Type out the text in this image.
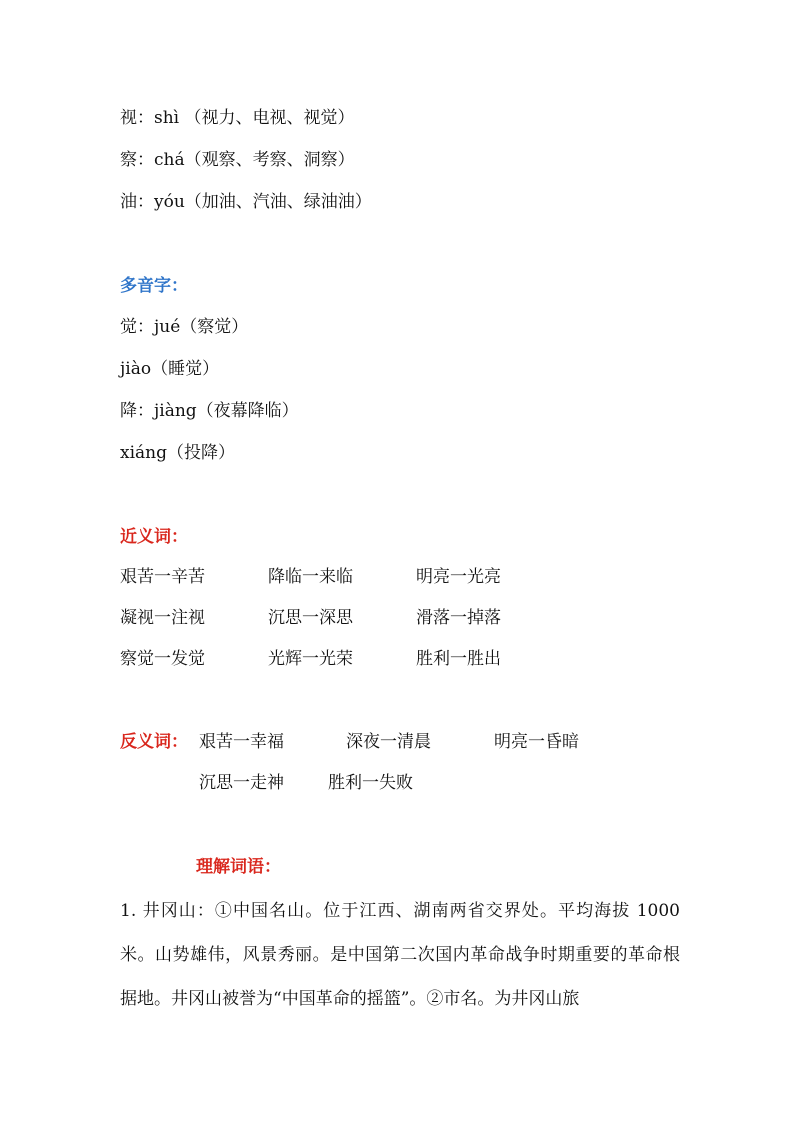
视：shì （视力、电视、视觉）
察：chá（观察、考察、洞察）
油：yóu（加油、汽油、绿油油）
多音字：
觉：jué（察觉）
jiào（睡觉）
降：jiàng（夜幕降临）
xiáng（投降）
近义词：
艰苦一辛苦	降临一来临	明亮一光亮
凝视一注视	沉思一深思	滑落一掉落
察觉一发觉	光辉一光荣	胜利一胜出
反义词： 艰苦一幸福	深夜一清晨	明亮一昏暗
沉思一走神	胜利一失败
理解词语：
1. 井冈山：①中国名山。位于江西、湖南两省交界处。平均海拔 1000 米。山势雄伟，风景秀丽。是中国第二次国内革命战争时期重要的革命根据地。井冈山被誉为“中国革命的摇篮”。②市名。为井冈山旅
